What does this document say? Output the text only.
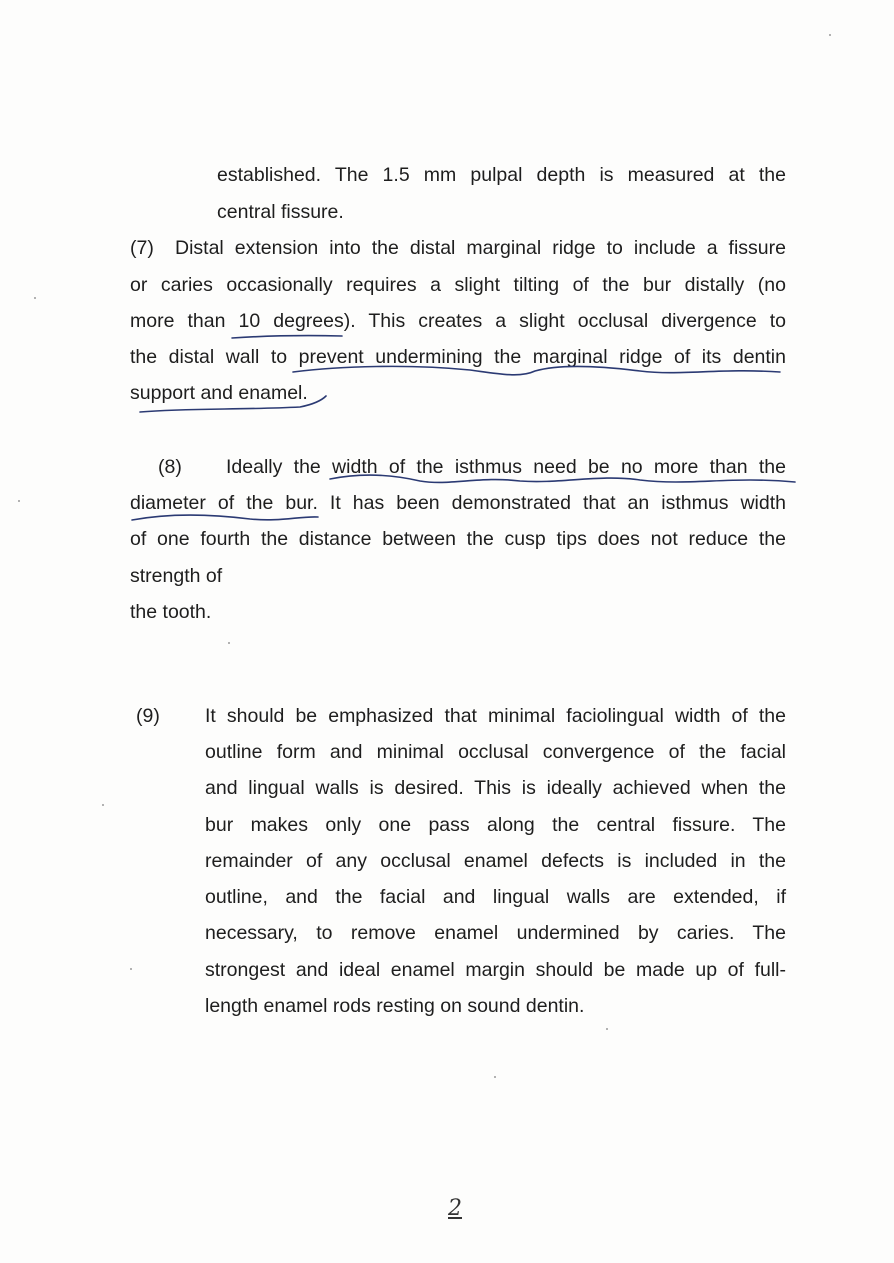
established. The 1.5 mm pulpal depth is measured at the
central fissure.
(7) Distal extension into the distal marginal ridge to include a fissure
or caries occasionally requires a slight tilting of the bur distally (no
more than 10 degrees). This creates a slight occlusal divergence to
the distal wall to prevent undermining the marginal ridge of its dentin
support and enamel.
(8) Ideally the width of the isthmus need be no more than the
diameter of the bur. It has been demonstrated that an isthmus width
of one fourth the distance between the cusp tips does not reduce the
strength of
the tooth.
(9) It should be emphasized that minimal faciolingual width of the
outline form and minimal occlusal convergence of the facial
and lingual walls is desired. This is ideally achieved when the
bur makes only one pass along the central fissure. The
remainder of any occlusal enamel defects is included in the
outline, and the facial and lingual walls are extended, if
necessary, to remove enamel undermined by caries. The
strongest and ideal enamel margin should be made up of full-
length enamel rods resting on sound dentin.
2
